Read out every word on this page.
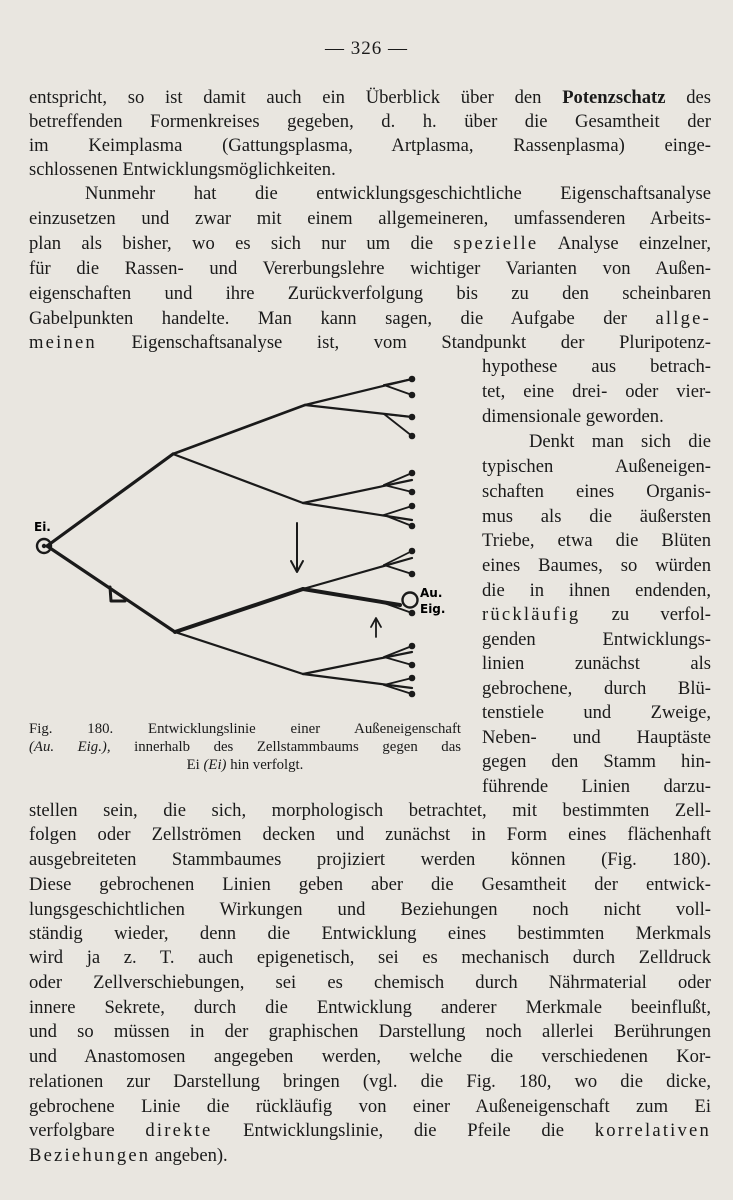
— 326 —
entspricht, so ist damit auch ein Überblick über den Potenzschatz des
betreffenden Formenkreises gegeben, d. h. über die Gesamtheit der
im Keimplasma (Gattungsplasma, Artplasma, Rassenplasma) einge-
schlossenen Entwicklungsmöglichkeiten.
Nunmehr hat die entwicklungsgeschichtliche Eigenschaftsanalyse
einzusetzen und zwar mit einem allgemeineren, umfassenderen Arbeits-
plan als bisher, wo es sich nur um die spezielle Analyse einzelner,
für die Rassen- und Vererbungslehre wichtiger Varianten von Außen-
eigenschaften und ihre Zurückverfolgung bis zu den scheinbaren
Gabelpunkten handelte. Man kann sagen, die Aufgabe der allge-
meinen Eigenschaftsanalyse ist, vom Standpunkt der Pluripotenz-
hypothese aus betrach-
tet, eine drei- oder vier-
dimensionale geworden.
Denkt man sich die
typischen Außeneigen-
schaften eines Organis-
mus als die äußersten
Triebe, etwa die Blüten
eines Baumes, so würden
die in ihnen endenden,
rückläufig zu verfol-
genden Entwicklungs-
linien zunächst als
gebrochene, durch Blü-
tenstiele und Zweige,
Neben- und Hauptäste
gegen den Stamm hin-
führende Linien darzu-
stellen sein, die sich, morphologisch betrachtet, mit bestimmten Zell-
folgen oder Zellströmen decken und zunächst in Form eines flächenhaft
ausgebreiteten Stammbaumes projiziert werden können (Fig. 180).
Diese gebrochenen Linien geben aber die Gesamtheit der entwick-
lungsgeschichtlichen Wirkungen und Beziehungen noch nicht voll-
ständig wieder, denn die Entwicklung eines bestimmten Merkmals
wird ja z. T. auch epigenetisch, sei es mechanisch durch Zelldruck
oder Zellverschiebungen, sei es chemisch durch Nährmaterial oder
innere Sekrete, durch die Entwicklung anderer Merkmale beeinflußt,
und so müssen in der graphischen Darstellung noch allerlei Berührungen
und Anastomosen angegeben werden, welche die verschiedenen Kor-
relationen zur Darstellung bringen (vgl. die Fig. 180, wo die dicke,
gebrochene Linie die rückläufig von einer Außeneigenschaft zum Ei
verfolgbare direkte Entwicklungslinie, die Pfeile die korrelativen
Beziehungen angeben).
Ei.
Au.
Eig.
Fig. 180. Entwicklungslinie einer Außeneigenschaft
(Au. Eig.), innerhalb des Zellstammbaums gegen das
Ei (Ei) hin verfolgt.
